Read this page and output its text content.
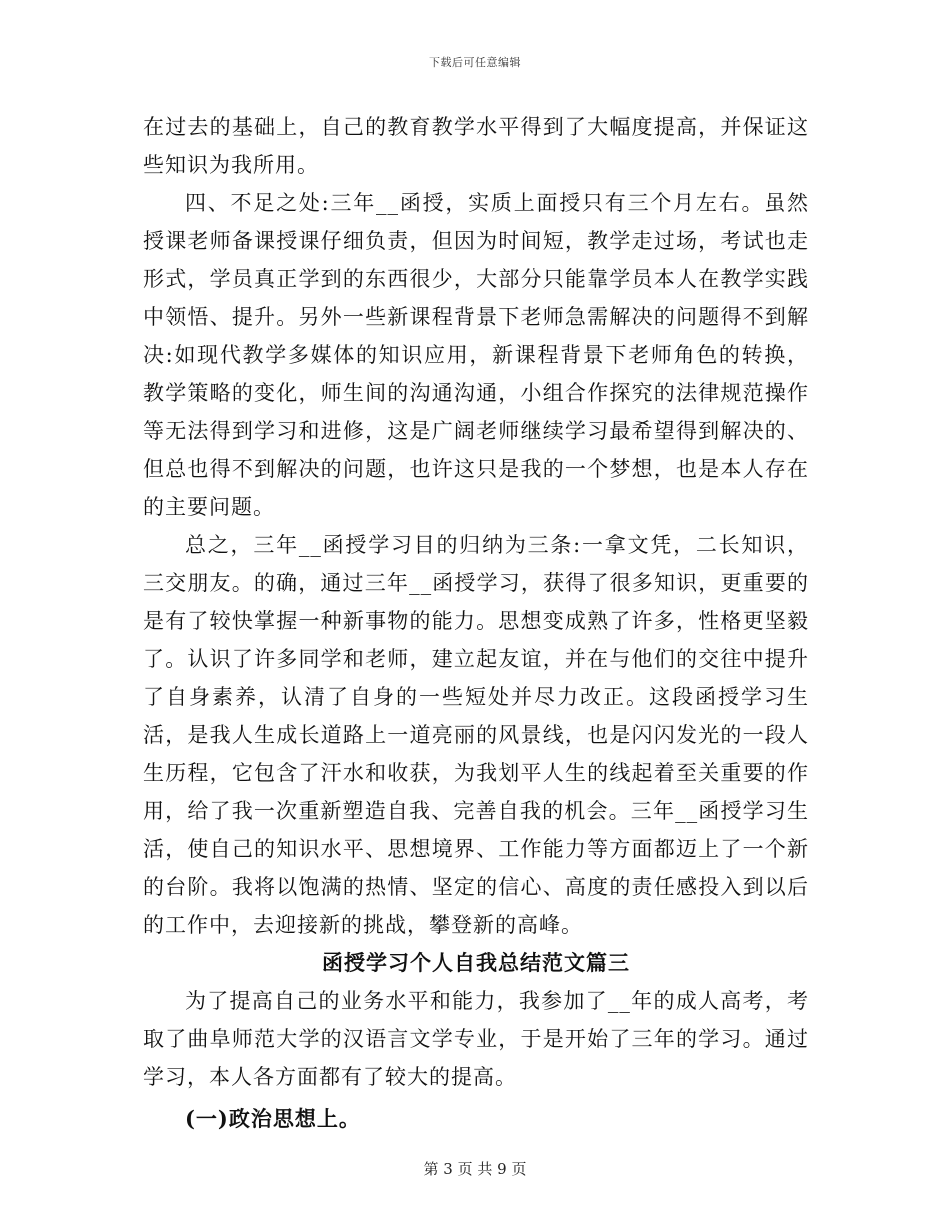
下载后可任意编辑

在过去的基础上，自己的教育教学水平得到了大幅度提高，并保证这些知识为我所用。

四、不足之处:三年__函授，实质上面授只有三个月左右。虽然授课老师备课授课仔细负责，但因为时间短，教学走过场，考试也走形式，学员真正学到的东西很少，大部分只能靠学员本人在教学实践中领悟、提升。另外一些新课程背景下老师急需解决的问题得不到解决:如现代教学多媒体的知识应用，新课程背景下老师角色的转换，教学策略的变化，师生间的沟通沟通，小组合作探究的法律规范操作等无法得到学习和进修，这是广阔老师继续学习最希望得到解决的、但总也得不到解决的问题，也许这只是我的一个梦想，也是本人存在的主要问题。

总之，三年__函授学习目的归纳为三条:一拿文凭，二长知识，三交朋友。的确，通过三年__函授学习，获得了很多知识，更重要的是有了较快掌握一种新事物的能力。思想变成熟了许多，性格更坚毅了。认识了许多同学和老师，建立起友谊，并在与他们的交往中提升了自身素养，认清了自身的一些短处并尽力改正。这段函授学习生活，是我人生成长道路上一道亮丽的风景线，也是闪闪发光的一段人生历程，它包含了汗水和收获，为我划平人生的线起着至关重要的作用，给了我一次重新塑造自我、完善自我的机会。三年__函授学习生活，使自己的知识水平、思想境界、工作能力等方面都迈上了一个新的台阶。我将以饱满的热情、坚定的信心、高度的责任感投入到以后的工作中，去迎接新的挑战，攀登新的高峰。

函授学习个人自我总结范文篇三

为了提高自己的业务水平和能力，我参加了__年的成人高考，考取了曲阜师范大学的汉语言文学专业，于是开始了三年的学习。通过学习，本人各方面都有了较大的提高。

(一)政治思想上。

第 3 页 共 9 页
